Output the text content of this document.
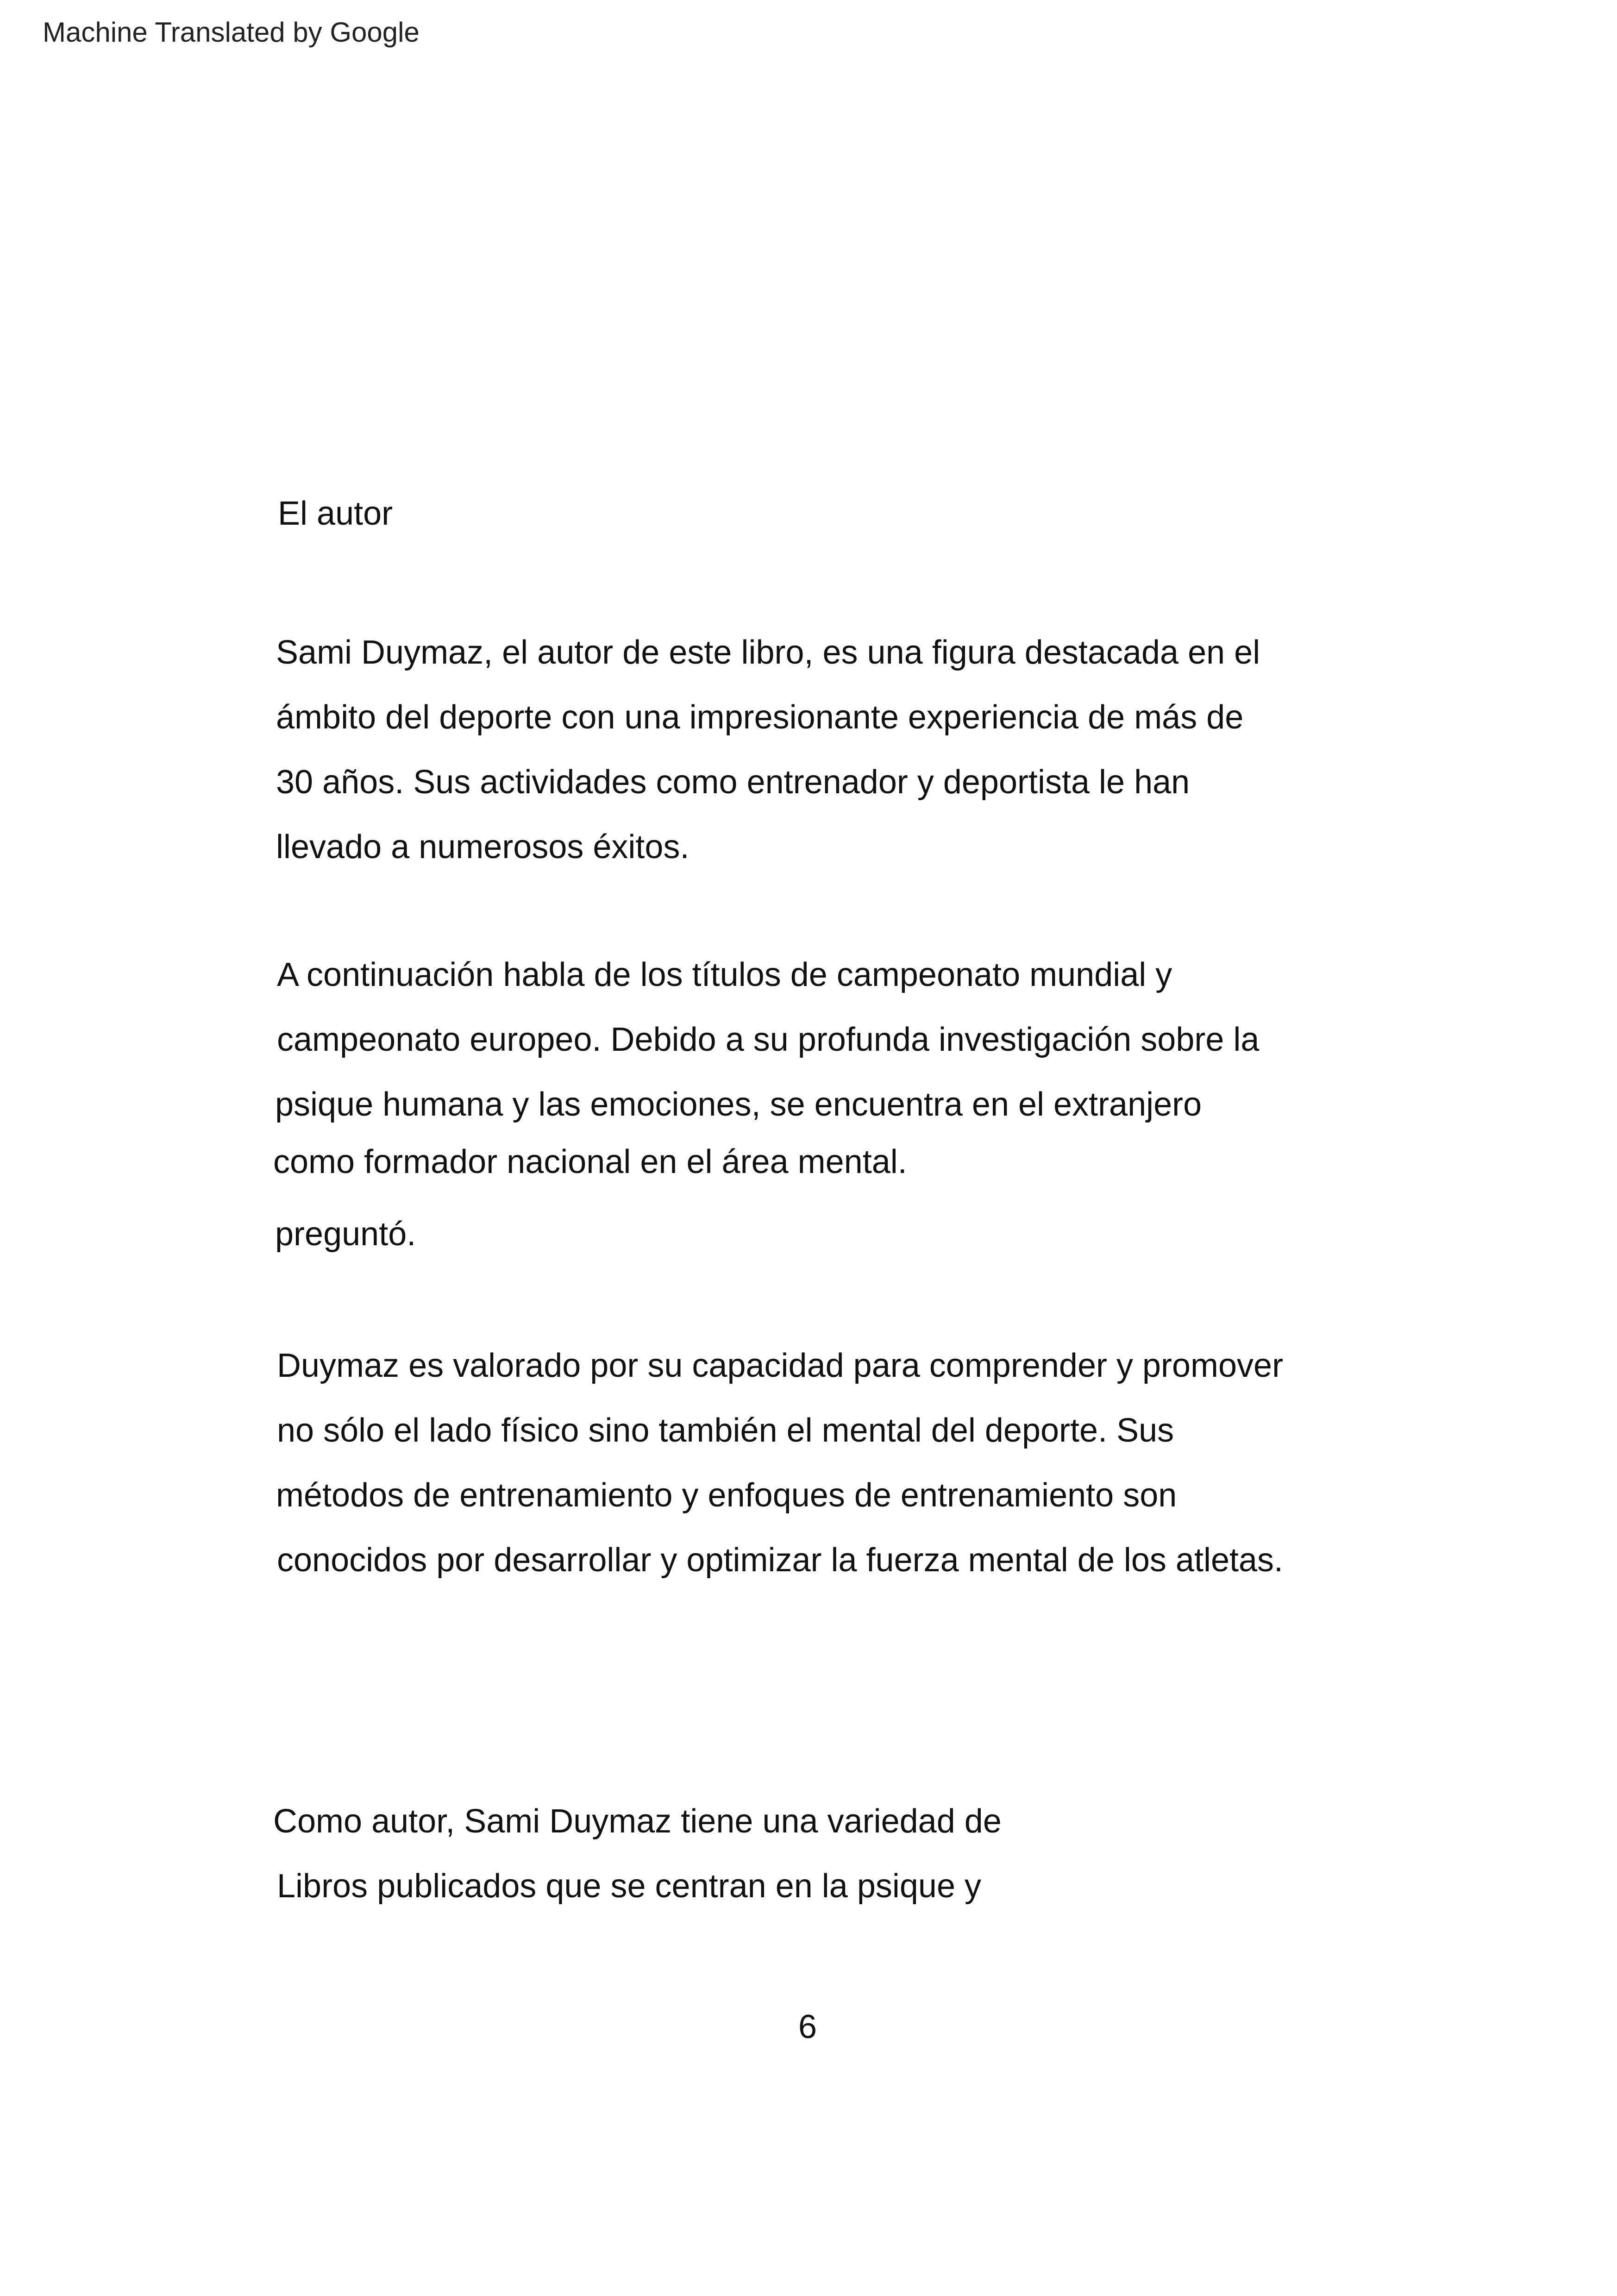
Machine Translated by Google
El autor
Sami Duymaz, el autor de este libro, es una figura destacada en el
ámbito del deporte con una impresionante experiencia de más de
30 años. Sus actividades como entrenador y deportista le han
llevado a numerosos éxitos.
A continuación habla de los títulos de campeonato mundial y
campeonato europeo. Debido a su profunda investigación sobre la
psique humana y las emociones, se encuentra en el extranjero
como formador nacional en el área mental.
preguntó.
Duymaz es valorado por su capacidad para comprender y promover
no sólo el lado físico sino también el mental del deporte. Sus
métodos de entrenamiento y enfoques de entrenamiento son
conocidos por desarrollar y optimizar la fuerza mental de los atletas.
Como autor, Sami Duymaz tiene una variedad de
Libros publicados que se centran en la psique y
6
